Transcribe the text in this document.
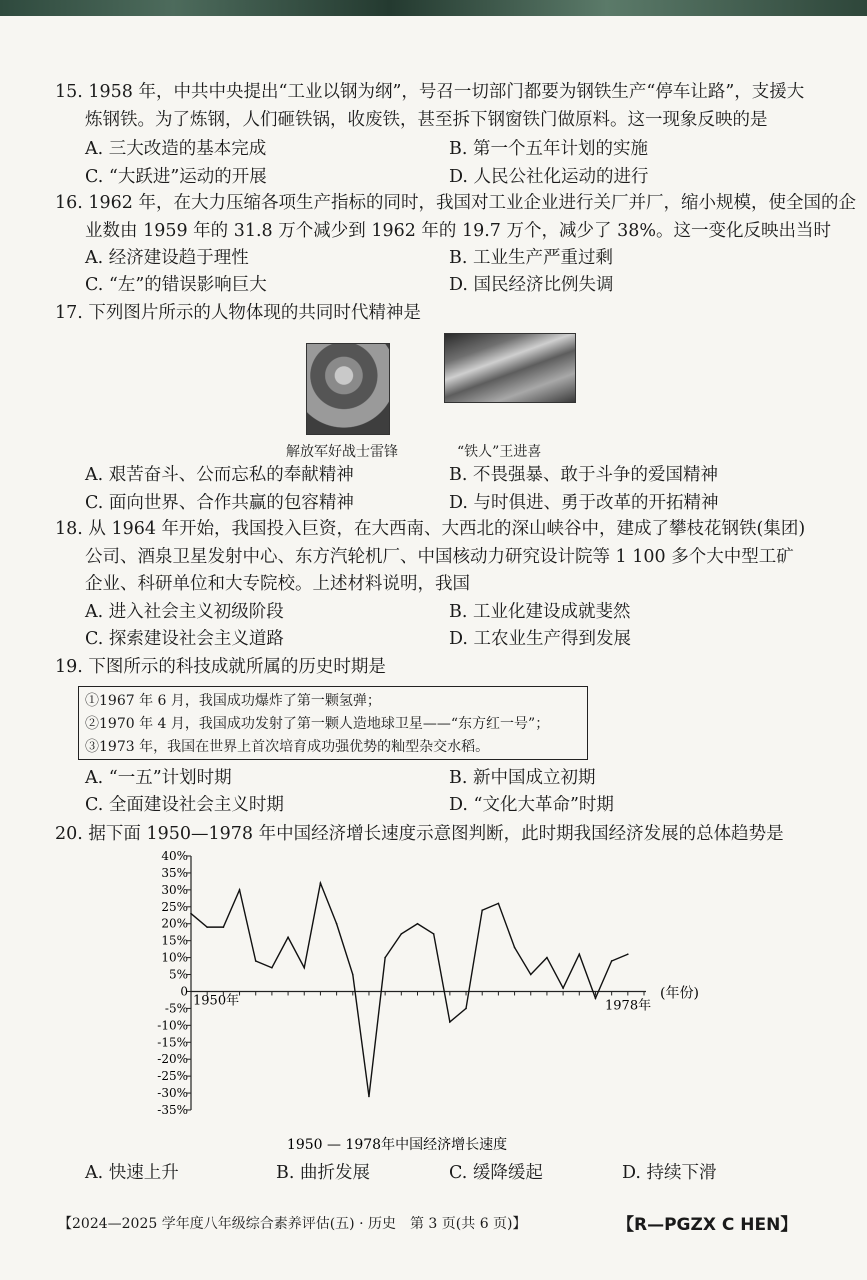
15. 1958 年，中共中央提出“工业以钢为纲”，号召一切部门都要为钢铁生产“停车让路”，支援大
炼钢铁。为了炼钢，人们砸铁锅，收废铁，甚至拆下钢窗铁门做原料。这一现象反映的是
A. 三大改造的基本完成	B. 第一个五年计划的实施
C. “大跃进”运动的开展	D. 人民公社化运动的进行
16. 1962 年，在大力压缩各项生产指标的同时，我国对工业企业进行关厂并厂，缩小规模，使全国的企
业数由 1959 年的 31.8 万个减少到 1962 年的 19.7 万个，减少了 38%。这一变化反映出当时
A. 经济建设趋于理性	B. 工业生产严重过剩
C. “左”的错误影响巨大	D. 国民经济比例失调
17. 下列图片所示的人物体现的共同时代精神是
解放军好战士雷锋	“铁人”王进喜
A. 艰苦奋斗、公而忘私的奉献精神	B. 不畏强暴、敢于斗争的爱国精神
C. 面向世界、合作共赢的包容精神	D. 与时俱进、勇于改革的开拓精神
18. 从 1964 年开始，我国投入巨资，在大西南、大西北的深山峡谷中，建成了攀枝花钢铁(集团)
公司、酒泉卫星发射中心、东方汽轮机厂、中国核动力研究设计院等 1 100 多个大中型工矿
企业、科研单位和大专院校。上述材料说明，我国
A. 进入社会主义初级阶段	B. 工业化建设成就斐然
C. 探索建设社会主义道路	D. 工农业生产得到发展
19. 下图所示的科技成就所属的历史时期是
①1967 年 6 月，我国成功爆炸了第一颗氢弹；
②1970 年 4 月，我国成功发射了第一颗人造地球卫星——“东方红一号”；
③1973 年，我国在世界上首次培育成功强优势的籼型杂交水稻。
A. “一五”计划时期	B. 新中国成立初期
C. 全面建设社会主义时期	D. “文化大革命”时期
20. 据下面 1950—1978 年中国经济增长速度示意图判断，此时期我国经济发展的总体趋势是
40%
35%
30%
25%
20%
15%
10%
5%
0
-5%
-10%
-15%
-20%
-25%
-30%
-35%
1950年	1978年
(年份)
1950 — 1978年中国经济增长速度
A. 快速上升	B. 曲折发展	C. 缓降缓起	D. 持续下滑
【2024—2025 学年度八年级综合素养评估(五) · 历史　第 3 页(共 6 页)】	【R—PGZX C HEN】
